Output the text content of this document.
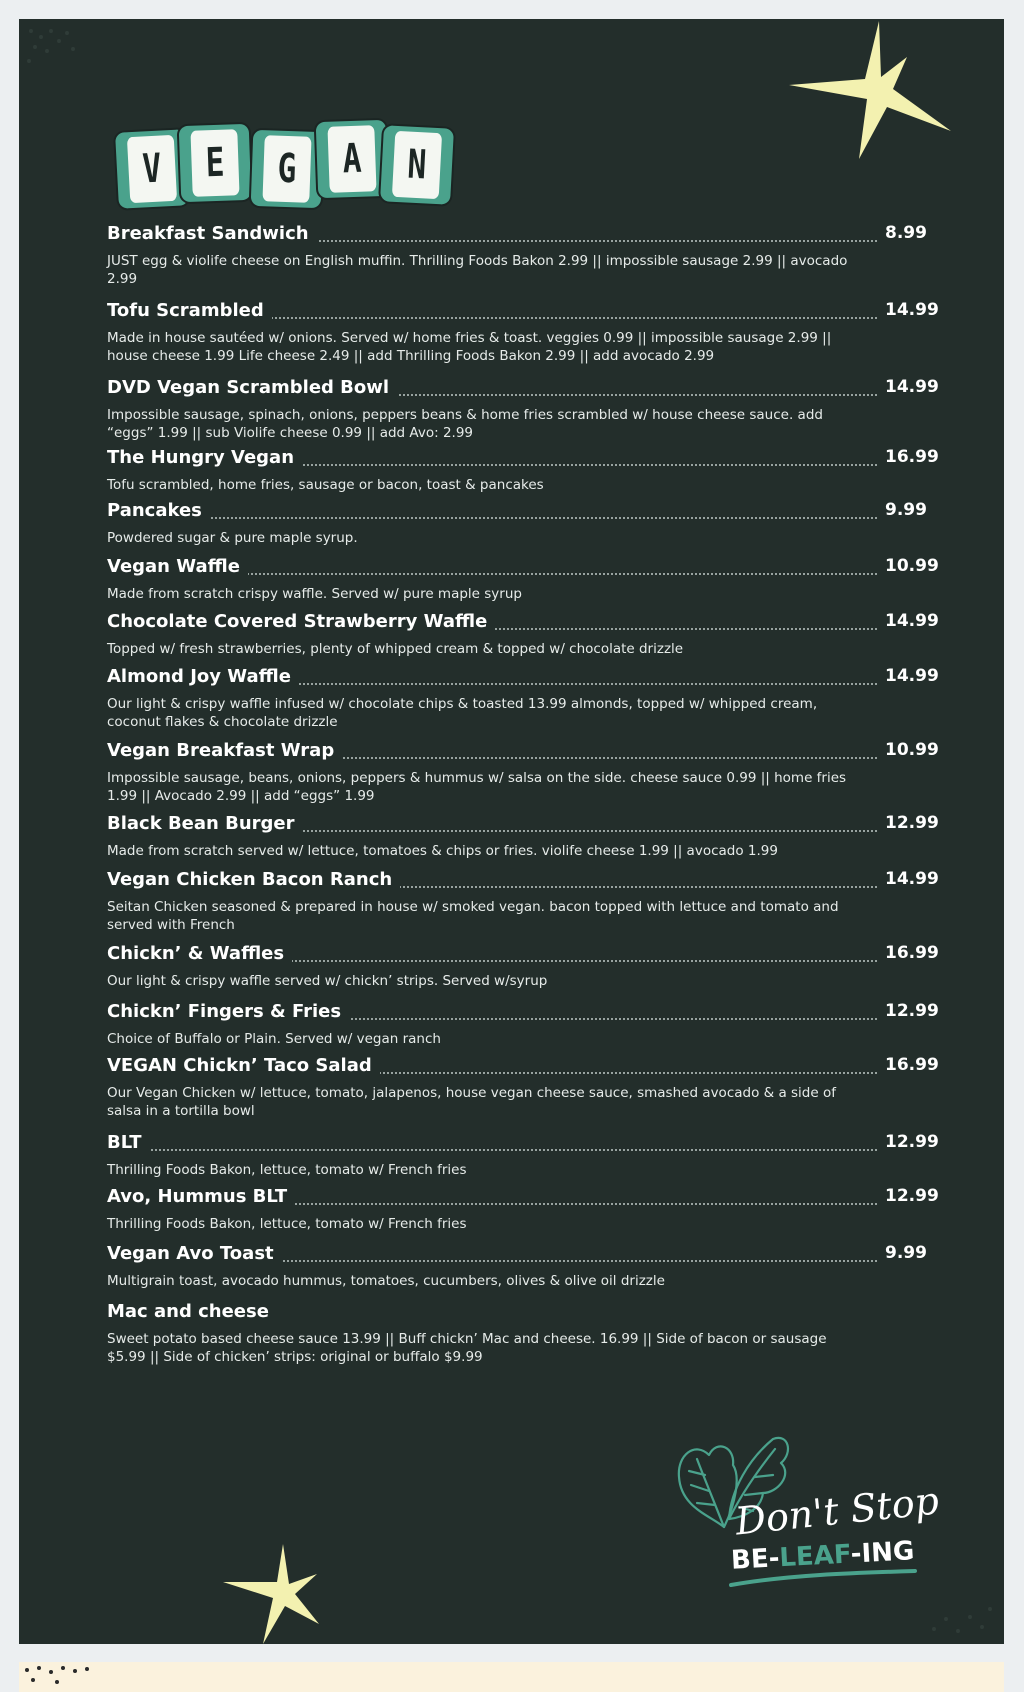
V	E	G	A	N
Breakfast Sandwich	8.99
JUST egg & violife cheese on English muffin. Thrilling Foods Bakon 2.99 || impossible sausage 2.99 || avocado 2.99
Tofu Scrambled	14.99
Made in house sautéed w/ onions. Served w/ home fries & toast. veggies 0.99 || impossible sausage 2.99 || house cheese 1.99 Life cheese 2.49 || add Thrilling Foods Bakon 2.99 || add avocado 2.99
DVD Vegan Scrambled Bowl	14.99
Impossible sausage, spinach, onions, peppers beans & home fries scrambled w/ house cheese sauce. add “eggs” 1.99 || sub Violife cheese 0.99 || add Avo: 2.99
The Hungry Vegan	16.99
Tofu scrambled, home fries, sausage or bacon, toast & pancakes
Pancakes	9.99
Powdered sugar & pure maple syrup.
Vegan Waffle	10.99
Made from scratch crispy waffle. Served w/ pure maple syrup
Chocolate Covered Strawberry Waffle	14.99
Topped w/ fresh strawberries, plenty of whipped cream & topped w/ chocolate drizzle
Almond Joy Waffle	14.99
Our light & crispy waffle infused w/ chocolate chips & toasted 13.99 almonds, topped w/ whipped cream, coconut flakes & chocolate drizzle
Vegan Breakfast Wrap	10.99
Impossible sausage, beans, onions, peppers & hummus w/ salsa on the side. cheese sauce 0.99 || home fries 1.99 || Avocado 2.99 || add “eggs” 1.99
Black Bean Burger	12.99
Made from scratch served w/ lettuce, tomatoes & chips or fries. violife cheese 1.99 || avocado 1.99
Vegan Chicken Bacon Ranch	14.99
Seitan Chicken seasoned & prepared in house w/ smoked vegan. bacon topped with lettuce and tomato and served with French
Chickn’ & Waffles	16.99
Our light & crispy waffle served w/ chickn’ strips. Served w/syrup
Chickn’ Fingers & Fries	12.99
Choice of Buffalo or Plain. Served w/ vegan ranch
VEGAN Chickn’ Taco Salad	16.99
Our Vegan Chicken w/ lettuce, tomato, jalapenos, house vegan cheese sauce, smashed avocado & a side of salsa in a tortilla bowl
BLT	12.99
Thrilling Foods Bakon, lettuce, tomato w/ French fries
Avo, Hummus BLT	12.99
Thrilling Foods Bakon, lettuce, tomato w/ French fries
Vegan Avo Toast	9.99
Multigrain toast, avocado hummus, tomatoes, cucumbers, olives & olive oil drizzle
Mac and cheese
Sweet potato based cheese sauce 13.99 || Buff chickn’ Mac and cheese. 16.99 || Side of bacon or sausage $5.99 || Side of chicken’ strips: original or buffalo $9.99
Don't Stop
BE-LEAF-ING
